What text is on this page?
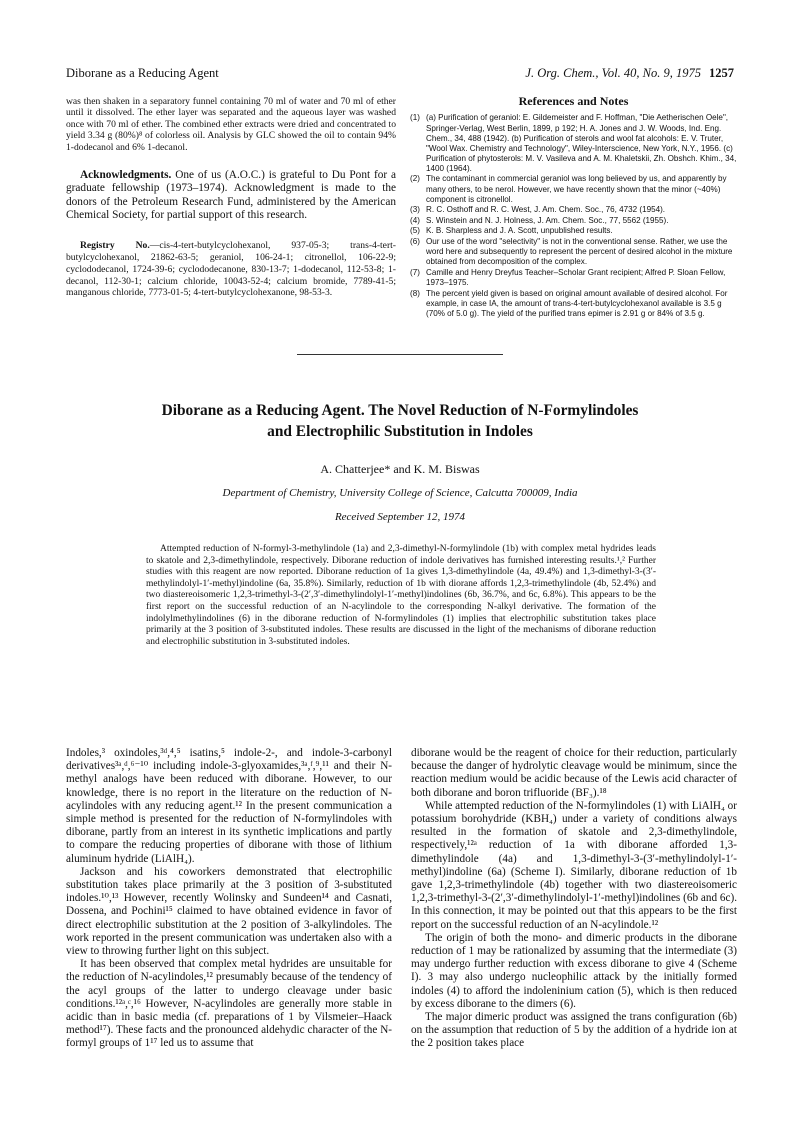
Diborane as a Reducing Agent	J. Org. Chem., Vol. 40, No. 9, 1975 1257

was then shaken in a separatory funnel containing 70 ml of water and 70 ml of ether until it dissolved. The ether layer was separated and the aqueous layer was washed once with 70 ml of ether. The combined ether extracts were dried and concentrated to yield 3.34 g (80%)⁸ of colorless oil. Analysis by GLC showed the oil to contain 94% 1-dodecanol and 6% 1-decanol.

Acknowledgments. One of us (A.O.C.) is grateful to Du Pont for a graduate fellowship (1973–1974). Acknowledgment is made to the donors of the Petroleum Research Fund, administered by the American Chemical Society, for partial support of this research.

Registry No.—cis-4-tert-butylcyclohexanol, 937-05-3; trans-4-tert-butylcyclohexanol, 21862-63-5; geraniol, 106-24-1; citronellol, 106-22-9; cyclododecanol, 1724-39-6; cyclododecanone, 830-13-7; 1-dodecanol, 112-53-8; 1-decanol, 112-30-1; calcium chloride, 10043-52-4; calcium bromide, 7789-41-5; manganous chloride, 7773-01-5; 4-tert-butylcyclohexanone, 98-53-3.

References and Notes
(1) (a) Purification of geraniol: E. Gildemeister and F. Hoffman, "Die Aetherischen Oele", Springer-Verlag, West Berlin, 1899, p 192; H. A. Jones and J. W. Woods, Ind. Eng. Chem., 34, 488 (1942). (b) Purification of sterols and wool fat alcohols: E. V. Truter, "Wool Wax. Chemistry and Technology", Wiley-Interscience, New York, N.Y., 1956. (c) Purification of phytosterols: M. V. Vasileva and A. M. Khaletskii, Zh. Obshch. Khim., 34, 1400 (1964).
(2) The contaminant in commercial geraniol was long believed by us, and apparently by many others, to be nerol. However, we have recently shown that the minor (~40%) component is citronellol.
(3) R. C. Osthoff and R. C. West, J. Am. Chem. Soc., 76, 4732 (1954).
(4) S. Winstein and N. J. Holness, J. Am. Chem. Soc., 77, 5562 (1955).
(5) K. B. Sharpless and J. A. Scott, unpublished results.
(6) Our use of the word "selectivity" is not in the conventional sense. Rather, we use the word here and subsequently to represent the percent of desired alcohol in the mixture obtained from decomposition of the complex.
(7) Camille and Henry Dreyfus Teacher–Scholar Grant recipient; Alfred P. Sloan Fellow, 1973–1975.
(8) The percent yield given is based on original amount available of desired alcohol. For example, in case IA, the amount of trans-4-tert-butylcyclohexanol available is 3.5 g (70% of 5.0 g). The yield of the purified trans epimer is 2.91 g or 84% of 3.5 g.
Diborane as a Reducing Agent. The Novel Reduction of N-Formylindoles
and Electrophilic Substitution in Indoles
A. Chatterjee* and K. M. Biswas
Department of Chemistry, University College of Science, Calcutta 700009, India
Received September 12, 1974
Attempted reduction of N-formyl-3-methylindole (1a) and 2,3-dimethyl-N-formylindole (1b) with complex metal hydrides leads to skatole and 2,3-dimethylindole, respectively. Diborane reduction of indole derivatives has furnished interesting results.¹,² Further studies with this reagent are now reported. Diborane reduction of 1a gives 1,3-dimethylindole (4a, 49.4%) and 1,3-dimethyl-3-(3′-methylindolyl-1′-methyl)indoline (6a, 35.8%). Similarly, reduction of 1b with diorane affords 1,2,3-trimethylindole (4b, 52.4%) and two diastereoisomeric 1,2,3-trimethyl-3-(2′,3′-dimethylindolyl-1′-methyl)indolines (6b, 36.7%, and 6c, 6.8%). This appears to be the first report on the successful reduction of an N-acylindole to the corresponding N-alkyl derivative. The formation of the indolylmethylindolines (6) in the diborane reduction of N-formylindoles (1) implies that electrophilic substitution takes place primarily at the 3 position of 3-substituted indoles. These results are discussed in the light of the mechanisms of diborane reduction and electrophilic substitution in 3-substituted indoles.

Indoles,³ oxindoles,³ᵈ,⁴,⁵ isatins,⁵ indole-2-, and indole-3-carbonyl derivatives³ᵃ,ᵈ,⁶⁻¹⁰ including indole-3-glyoxamides,³ᵃ,ᶠ,⁹,¹¹ and their N-methyl analogs have been reduced with diborane. However, to our knowledge, there is no report in the literature on the reduction of N-acylindoles with any reducing agent.¹² In the present communication a simple method is presented for the reduction of N-formylindoles with diborane, partly from an interest in its synthetic implications and partly to compare the reducing properties of diborane with those of lithium aluminum hydride (LiAlH₄).

Jackson and his coworkers demonstrated that electrophilic substitution takes place primarily at the 3 position of 3-substituted indoles.¹⁰,¹³ However, recently Wolinsky and Sundeen¹⁴ and Casnati, Dossena, and Pochini¹⁵ claimed to have obtained evidence in favor of direct electrophilic substitution at the 2 position of 3-alkylindoles. The work reported in the present communication was undertaken also with a view to throwing further light on this subject.

It has been observed that complex metal hydrides are unsuitable for the reduction of N-acylindoles,¹² presumably because of the tendency of the acyl groups of the latter to undergo cleavage under basic conditions.¹²ᵃ,ᶜ,¹⁶ However, N-acylindoles are generally more stable in acidic than in basic media (cf. preparations of 1 by Vilsmeier–Haack method¹⁷). These facts and the pronounced aldehydic character of the N-formyl groups of 1¹⁷ led us to assume that

diborane would be the reagent of choice for their reduction, particularly because the danger of hydrolytic cleavage would be minimum, since the reaction medium would be acidic because of the Lewis acid character of both diborane and boron trifluoride (BF₃).¹⁸

While attempted reduction of the N-formylindoles (1) with LiAlH₄ or potassium borohydride (KBH₄) under a variety of conditions always resulted in the formation of skatole and 2,3-dimethylindole, respectively,¹²ᵃ reduction of 1a with diborane afforded 1,3-dimethylindole (4a) and 1,3-dimethyl-3-(3′-methylindolyl-1′-methyl)indoline (6a) (Scheme I). Similarly, diborane reduction of 1b gave 1,2,3-trimethylindole (4b) together with two diastereoisomeric 1,2,3-trimethyl-3-(2′,3′-dimethylindolyl-1′-methyl)indolines (6b and 6c). In this connection, it may be pointed out that this appears to be the first report on the successful reduction of an N-acylindole.¹²

The origin of both the mono- and dimeric products in the diborane reduction of 1 may be rationalized by assuming that the intermediate (3) may undergo further reduction with excess diborane to give 4 (Scheme I). 3 may also undergo nucleophilic attack by the initially formed indoles (4) to afford the indoleninium cation (5), which is then reduced by excess diborane to the dimers (6).

The major dimeric product was assigned the trans configuration (6b) on the assumption that reduction of 5 by the addition of a hydride ion at the 2 position takes place
